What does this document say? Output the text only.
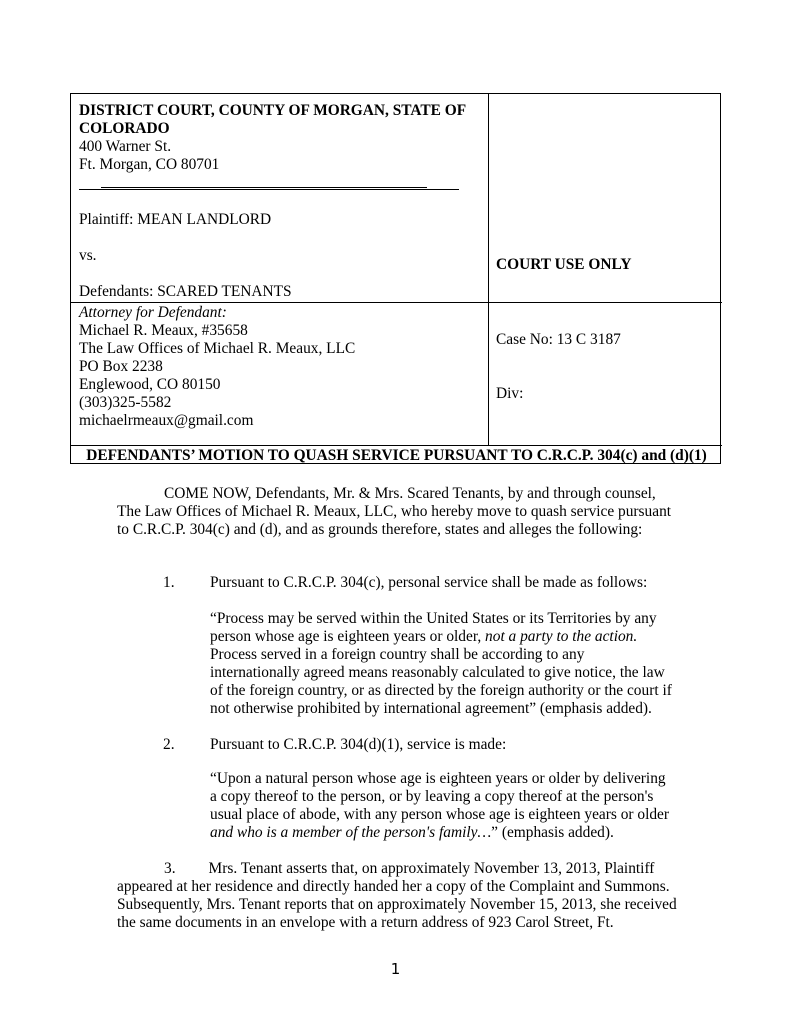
DISTRICT COURT, COUNTY OF MORGAN, STATE OF
COLORADO
400 Warner St.
Ft. Morgan, CO 80701
Plaintiff: MEAN LANDLORD
vs.
Defendants: SCARED TENANTS
COURT USE ONLY
Attorney for Defendant:
Michael R. Meaux, #35658
The Law Offices of Michael R. Meaux, LLC
PO Box 2238
Englewood, CO 80150
(303)325-5582
michaelrmeaux@gmail.com
Case No: 13 C 3187
Div:
DEFENDANTS’ MOTION TO QUASH SERVICE PURSUANT TO C.R.C.P. 304(c) and (d)(1)

COME NOW, Defendants, Mr. & Mrs. Scared Tenants, by and through counsel, The Law Offices of Michael R. Meaux, LLC, who hereby move to quash service pursuant to C.R.C.P. 304(c) and (d), and as grounds therefore, states and alleges the following:

1. Pursuant to C.R.C.P. 304(c), personal service shall be made as follows:
“Process may be served within the United States or its Territories by any person whose age is eighteen years or older, not a party to the action. Process served in a foreign country shall be according to any internationally agreed means reasonably calculated to give notice, the law of the foreign country, or as directed by the foreign authority or the court if not otherwise prohibited by international agreement” (emphasis added).
2. Pursuant to C.R.C.P. 304(d)(1), service is made:
“Upon a natural person whose age is eighteen years or older by delivering a copy thereof to the person, or by leaving a copy thereof at the person's usual place of abode, with any person whose age is eighteen years or older and who is a member of the person's family…” (emphasis added).

3. Mrs. Tenant asserts that, on approximately November 13, 2013, Plaintiff appeared at her residence and directly handed her a copy of the Complaint and Summons. Subsequently, Mrs. Tenant reports that on approximately November 15, 2013, she received the same documents in an envelope with a return address of 923 Carol Street, Ft.

1
